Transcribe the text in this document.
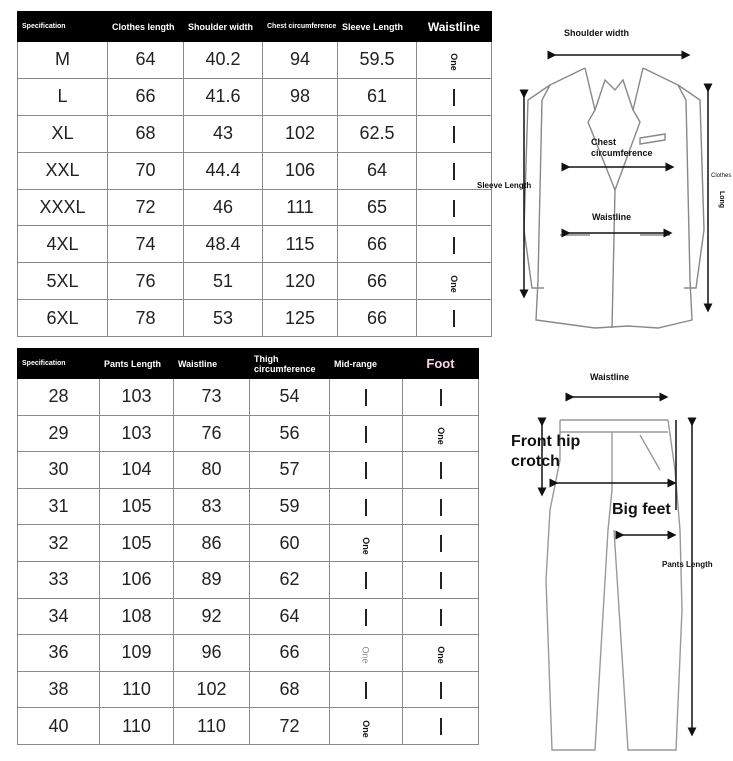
Specification	Clothes length	Shoulder width	Chest circumference	Sleeve Length	Waistline
M	64	40.2	94	59.5	One
L	66	41.6	98	61	
XL	68	43	102	62.5	
XXL	70	44.4	106	64	
XXXL	72	46	111	65	
4XL	74	48.4	115	66	
5XL	76	51	120	66	One
6XL	78	53	125	66	
Specification	Pants Length	Waistline	Thigh circumference	Mid-range	Foot
28	103	73	54		
29	103	76	56		One
30	104	80	57		
31	105	83	59		
32	105	86	60	One	
33	106	89	62		
34	108	92	64		
36	109	96	66	One	One
38	110	102	68		
40	110	110	72	One	
Shoulder width
Chest circumference
Waistline
Sleeve Length
Clothes
Long
Waistline
Front hip
crotch
Big feet
Pants Length
